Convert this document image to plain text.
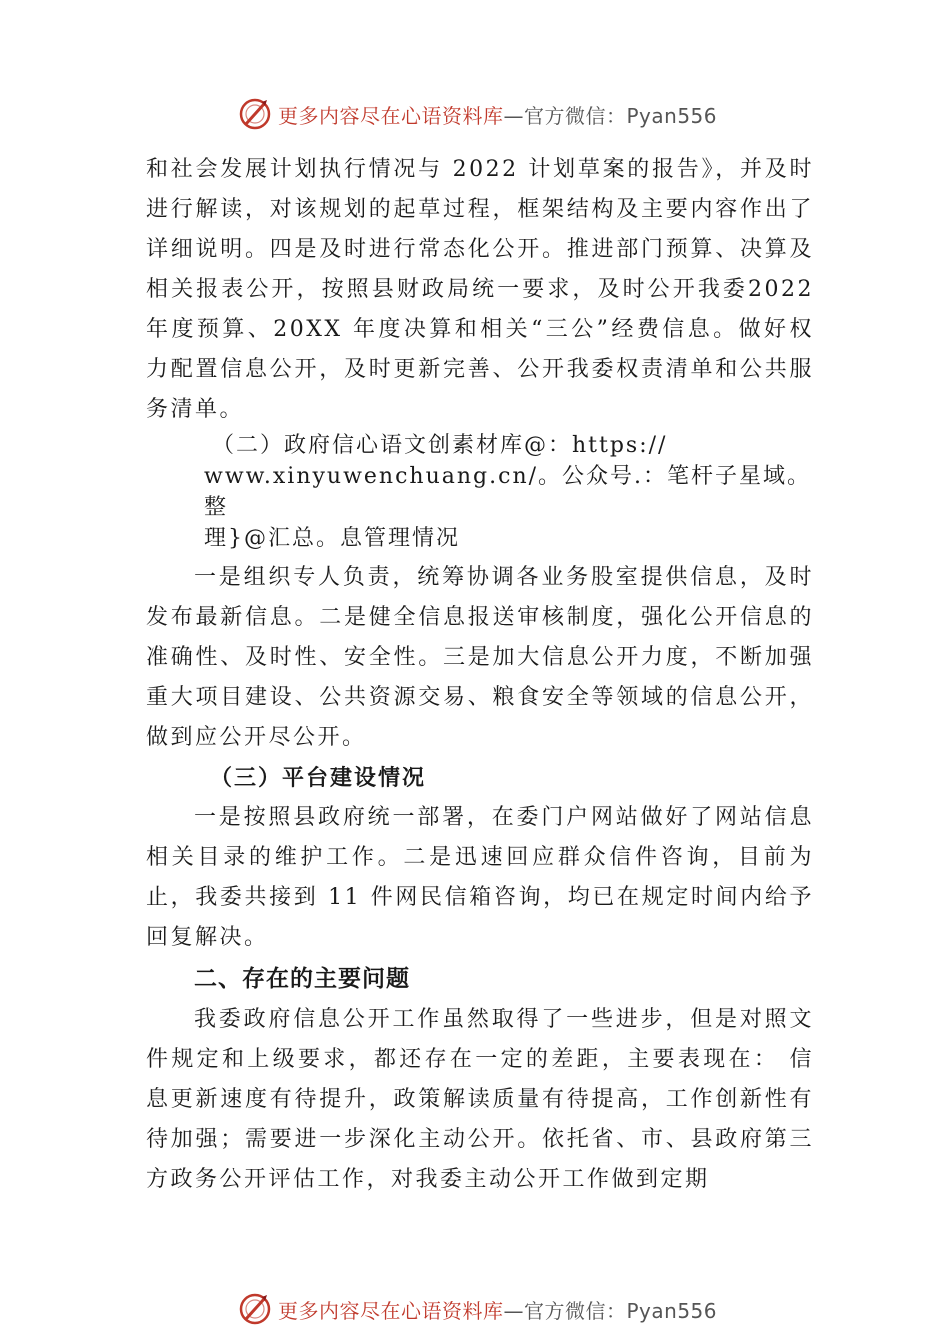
更多内容尽在心语资料库 —官方微信：Pyan556

和社会发展计划执行情况与 2022 计划草案的报告》，并及时进行解读，对该规划的起草过程，框架结构及主要内容作出了详细说明。四是及时进行常态化公开。推进部门预算、决算及相关报表公开，按照县财政局统一要求，及时公开我委2022 年度预算、20XX 年度决算和相关“三公”经费信息。做好权力配置信息公开，及时更新完善、公开我委权责清单和公共服务清单。

（二）政府信心语文创素材库@：https://
www.xinyuwenchuang.cn/。公众号.：笔杆子星域。整
理}@汇总。息管理情况

一是组织专人负责，统筹协调各业务股室提供信息，及时发布最新信息。二是健全信息报送审核制度，强化公开信息的准确性、及时性、安全性。三是加大信息公开力度，不断加强重大项目建设、公共资源交易、粮食安全等领域的信息公开，做到应公开尽公开。

（三）平台建设情况

一是按照县政府统一部署，在委门户网站做好了网站信息相关目录的维护工作。二是迅速回应群众信件咨询，目前为止，我委共接到 11 件网民信箱咨询，均已在规定时间内给予回复解决。

二、存在的主要问题

我委政府信息公开工作虽然取得了一些进步，但是对照文件规定和上级要求，都还存在一定的差距，主要表现在： 信息更新速度有待提升，政策解读质量有待提高，工作创新性有待加强；需要进一步深化主动公开。依托省、市、县政府第三方政务公开评估工作，对我委主动公开工作做到定期

更多内容尽在心语资料库 —官方微信：Pyan556
